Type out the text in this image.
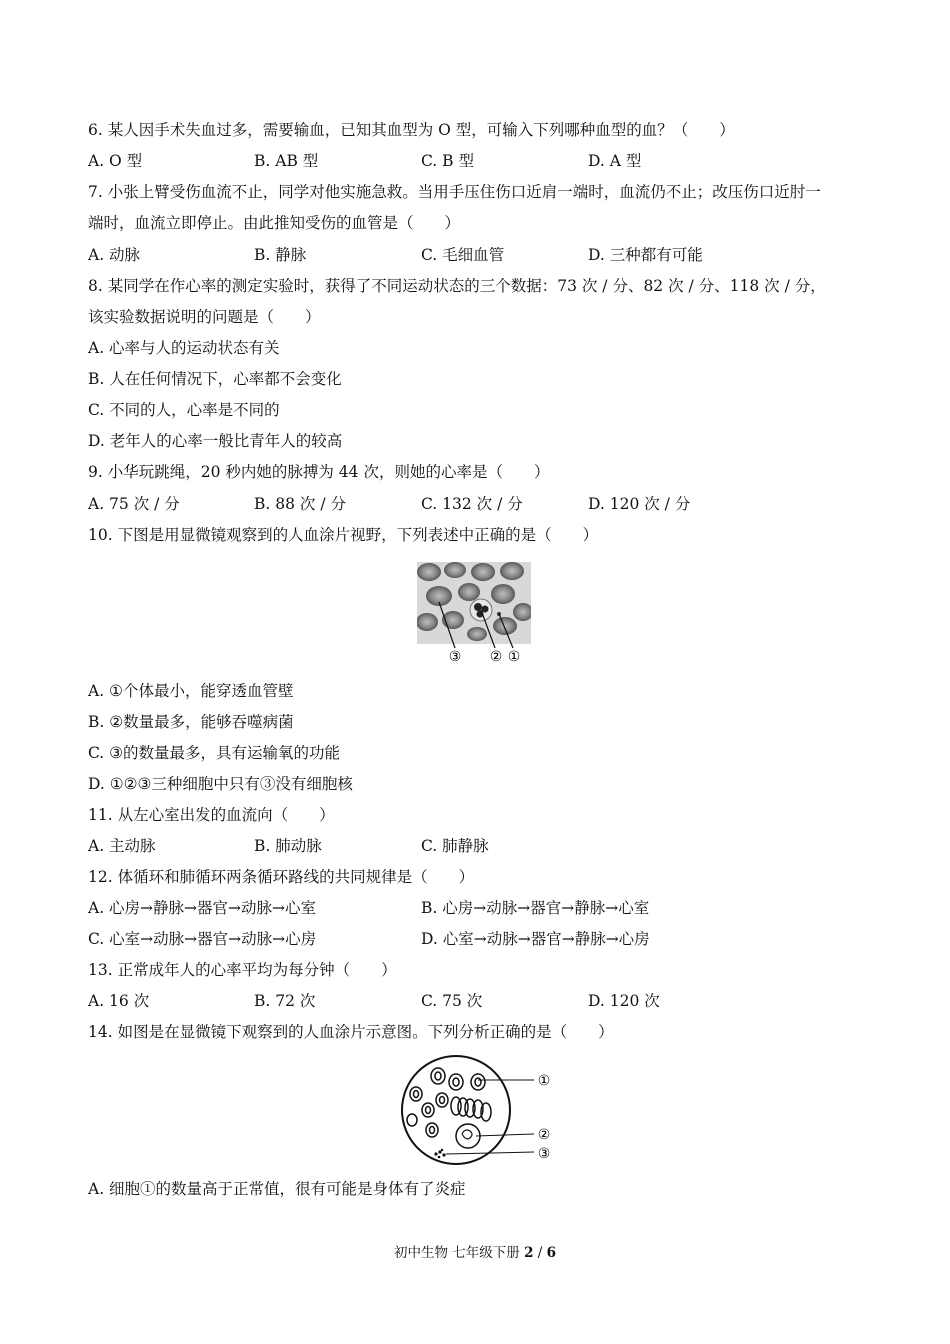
6. 某人因手术失血过多，需要输血，已知其血型为 O 型，可输入下列哪种血型的血？（　　）
A. O 型	B. AB 型	C. B 型	D. A 型
7. 小张上臂受伤血流不止，同学对他实施急救。当用手压住伤口近肩一端时，血流仍不止；改压伤口近肘一
端时，血流立即停止。由此推知受伤的血管是（　　）
A. 动脉	B. 静脉	C. 毛细血管	D. 三种都有可能
8. 某同学在作心率的测定实验时，获得了不同运动状态的三个数据：73 次 / 分、82 次 / 分、118 次 / 分，
该实验数据说明的问题是（　　）
A. 心率与人的运动状态有关
B. 人在任何情况下，心率都不会变化
C. 不同的人，心率是不同的
D. 老年人的心率一般比青年人的较高
9. 小华玩跳绳，20 秒内她的脉搏为 44 次，则她的心率是（　　）
A. 75 次 / 分	B. 88 次 / 分	C. 132 次 / 分	D. 120 次 / 分
10. 下图是用显微镜观察到的人血涂片视野，下列表述中正确的是（　　）
③ ② ①
A. ①个体最小，能穿透血管壁
B. ②数量最多，能够吞噬病菌
C. ③的数量最多，具有运输氧的功能
D. ①②③三种细胞中只有③没有细胞核
11. 从左心室出发的血流向（　　）
A. 主动脉	B. 肺动脉	C. 肺静脉
12. 体循环和肺循环两条循环路线的共同规律是（　　）
A. 心房→静脉→器官→动脉→心室	B. 心房→动脉→器官→静脉→心室
C. 心室→动脉→器官→动脉→心房	D. 心室→动脉→器官→静脉→心房
13. 正常成年人的心率平均为每分钟（　　）
A. 16 次	B. 72 次	C. 75 次	D. 120 次
14. 如图是在显微镜下观察到的人血涂片示意图。下列分析正确的是（　　）
①
②
③
A. 细胞①的数量高于正常值，很有可能是身体有了炎症
初中生物 七年级下册 2 / 6
